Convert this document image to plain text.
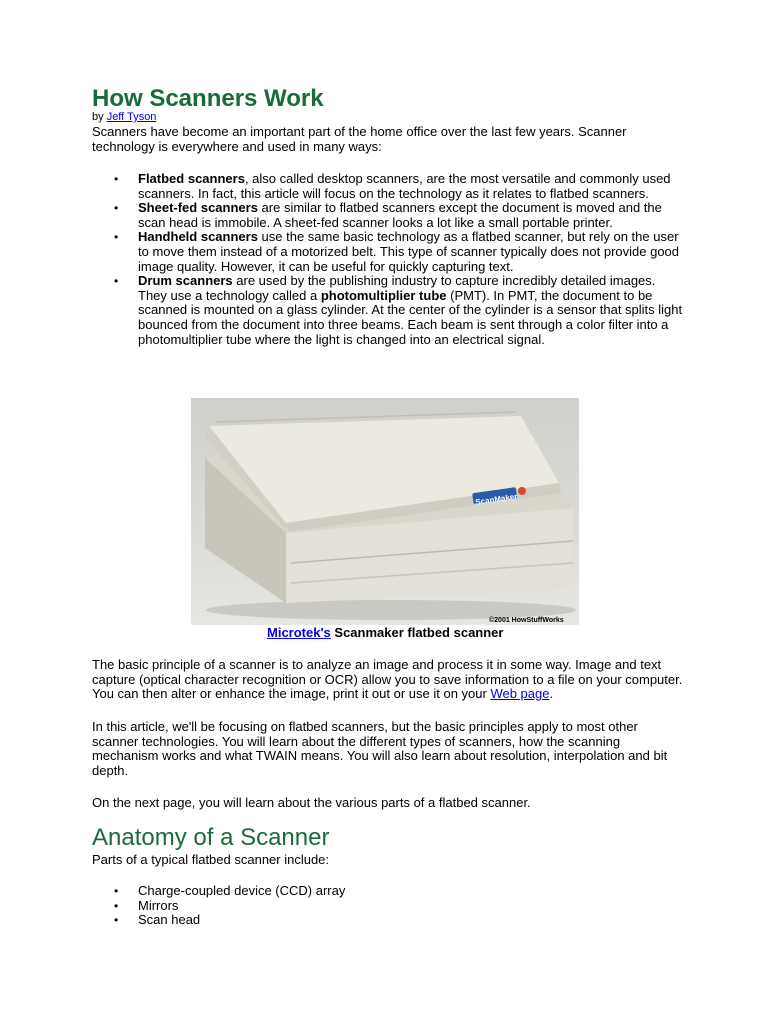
How Scanners Work
by Jeff Tyson

Scanners have become an important part of the home office over the last few years. Scanner technology is everywhere and used in many ways:

• Flatbed scanners, also called desktop scanners, are the most versatile and commonly used scanners. In fact, this article will focus on the technology as it relates to flatbed scanners.
• Sheet-fed scanners are similar to flatbed scanners except the document is moved and the scan head is immobile. A sheet-fed scanner looks a lot like a small portable printer.
• Handheld scanners use the same basic technology as a flatbed scanner, but rely on the user to move them instead of a motorized belt. This type of scanner typically does not provide good image quality. However, it can be useful for quickly capturing text.
• Drum scanners are used by the publishing industry to capture incredibly detailed images. They use a technology called a photomultiplier tube (PMT). In PMT, the document to be scanned is mounted on a glass cylinder. At the center of the cylinder is a sensor that splits light bounced from the document into three beams. Each beam is sent through a color filter into a photomultiplier tube where the light is changed into an electrical signal.
ScanMaker
©2001 HowStuffWorks
Microtek's Scanmaker flatbed scanner

The basic principle of a scanner is to analyze an image and process it in some way. Image and text capture (optical character recognition or OCR) allow you to save information to a file on your computer. You can then alter or enhance the image, print it out or use it on your Web page.

In this article, we'll be focusing on flatbed scanners, but the basic principles apply to most other scanner technologies. You will learn about the different types of scanners, how the scanning mechanism works and what TWAIN means. You will also learn about resolution, interpolation and bit depth.

On the next page, you will learn about the various parts of a flatbed scanner.

Anatomy of a Scanner

Parts of a typical flatbed scanner include:

• Charge-coupled device (CCD) array
• Mirrors
• Scan head
